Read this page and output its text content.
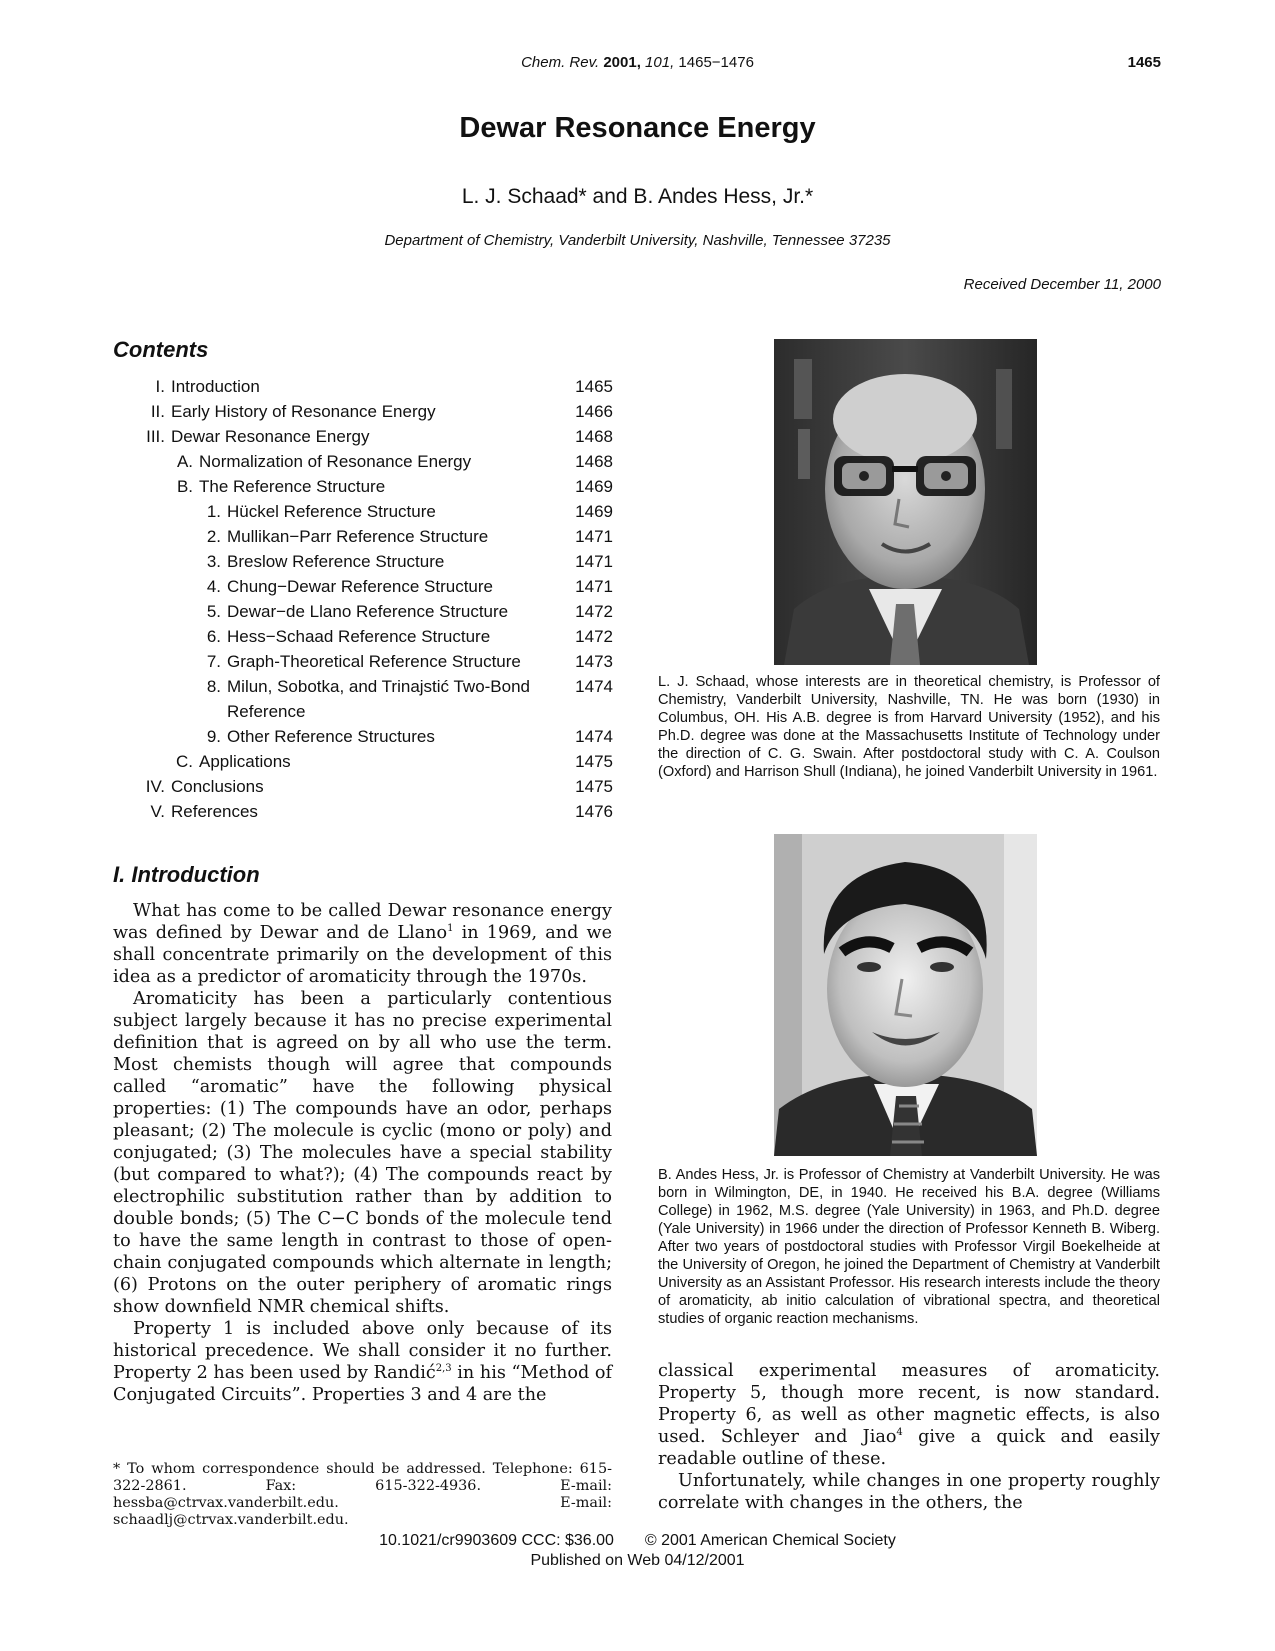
Chem. Rev. 2001, 101, 1465−1476	1465
Dewar Resonance Energy
L. J. Schaad* and B. Andes Hess, Jr.*
Department of Chemistry, Vanderbilt University, Nashville, Tennessee 37235
Received December 11, 2000
Contents
I. Introduction	1465
II. Early History of Resonance Energy	1466
III. Dewar Resonance Energy	1468
A. Normalization of Resonance Energy	1468
B. The Reference Structure	1469
1. Hückel Reference Structure	1469
2. Mullikan−Parr Reference Structure	1471
3. Breslow Reference Structure	1471
4. Chung−Dewar Reference Structure	1471
5. Dewar−de Llano Reference Structure	1472
6. Hess−Schaad Reference Structure	1472
7. Graph-Theoretical Reference Structure	1473
8. Milun, Sobotka, and Trinajstić Two-Bond Reference
1474
9. Other Reference Structures	1474
C. Applications	1475
IV. Conclusions	1475
V. References	1476

L. J. Schaad, whose interests are in theoretical chemistry, is Professor of Chemistry, Vanderbilt University, Nashville, TN. He was born (1930) in Columbus, OH. His A.B. degree is from Harvard University (1952), and his Ph.D. degree was done at the Massachusetts Institute of Technology under the direction of C. G. Swain. After postdoctoral study with C. A. Coulson (Oxford) and Harrison Shull (Indiana), he joined Vanderbilt University in 1961.

B. Andes Hess, Jr. is Professor of Chemistry at Vanderbilt University. He was born in Wilmington, DE, in 1940. He received his B.A. degree (Williams College) in 1962, M.S. degree (Yale University) in 1963, and Ph.D. degree (Yale University) in 1966 under the direction of Professor Kenneth B. Wiberg. After two years of postdoctoral studies with Professor Virgil Boekelheide at the University of Oregon, he joined the Department of Chemistry at Vanderbilt University as an Assistant Professor. His research interests include the theory of aromaticity, ab initio calculation of vibrational spectra, and theoretical studies of organic reaction mechanisms.

I. Introduction

What has come to be called Dewar resonance energy was defined by Dewar and de Llano$^1$ in 1969, and we shall concentrate primarily on the development of this idea as a predictor of aromaticity through the 1970s.

Aromaticity has been a particularly contentious subject largely because it has no precise experimental definition that is agreed on by all who use the term. Most chemists though will agree that compounds called “aromatic” have the following physical properties: (1) The compounds have an odor, perhaps pleasant; (2) The molecule is cyclic (mono or poly) and conjugated; (3) The molecules have a special stability (but compared to what?); (4) The compounds react by electrophilic substitution rather than by addition to double bonds; (5) The C−C bonds of the molecule tend to have the same length in contrast to those of open-chain conjugated compounds which alternate in length; (6) Protons on the outer periphery of aromatic rings show downfield NMR chemical shifts.

Property 1 is included above only because of its historical precedence. We shall consider it no further. Property 2 has been used by Randić$^{2,3}$ in his “Method of Conjugated Circuits”. Properties 3 and 4 are the

* To whom correspondence should be addressed. Telephone: 615-322-2861. Fax: 615-322-4936. E-mail: hessba@ctrvax.vanderbilt.edu. E-mail: schaadlj@ctrvax.vanderbilt.edu.

classical experimental measures of aromaticity. Property 5, though more recent, is now standard. Property 6, as well as other magnetic effects, is also used. Schleyer and Jiao$^4$ give a quick and easily readable outline of these.

Unfortunately, while changes in one property roughly correlate with changes in the others, the

10.1021/cr9903609 CCC: $36.00 © 2001 American Chemical Society
Published on Web 04/12/2001
